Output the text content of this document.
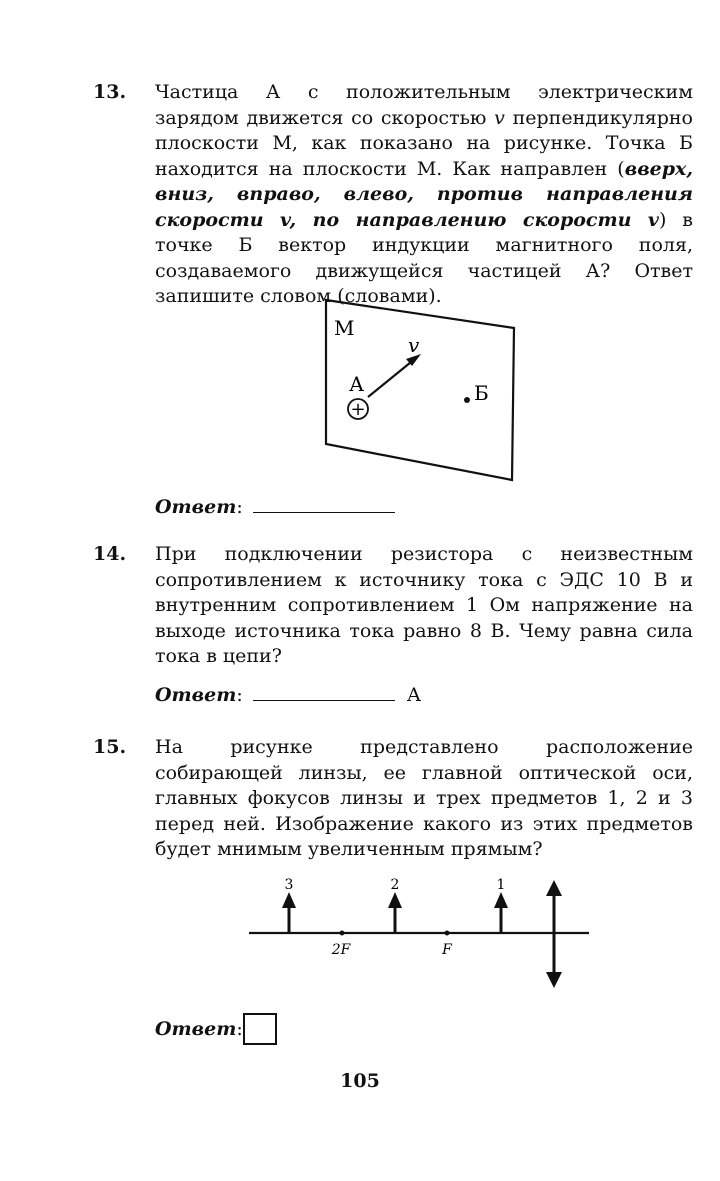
13. Частица А с положительным электрическим зарядом движется со скоростью v перпендикулярно плоскости М, как показано на рисунке. Точка Б находится на плоскости М. Как направлен (вверх, вниз, вправо, влево, против направления скорости v, по направлению скорости v) в точке Б вектор индукции магнитного поля, создаваемого движущейся частицей А? Ответ запишите словом (словами).
М
v
А
+
Б
Ответ:
14. При подключении резистора с неизвестным сопротивлением к источнику тока с ЭДС 10 В и внутренним сопротивлением 1 Ом напряжение на выходе источника тока равно 8 В. Чему равна сила тока в цепи?
Ответ:	А
15. На рисунке представлено расположение собирающей линзы, ее главной оптической оси, главных фокусов линзы и трех предметов 1, 2 и 3 перед ней. Изображение какого из этих предметов будет мнимым увеличенным прямым?
3	2	1
2F	F
Ответ:
105
